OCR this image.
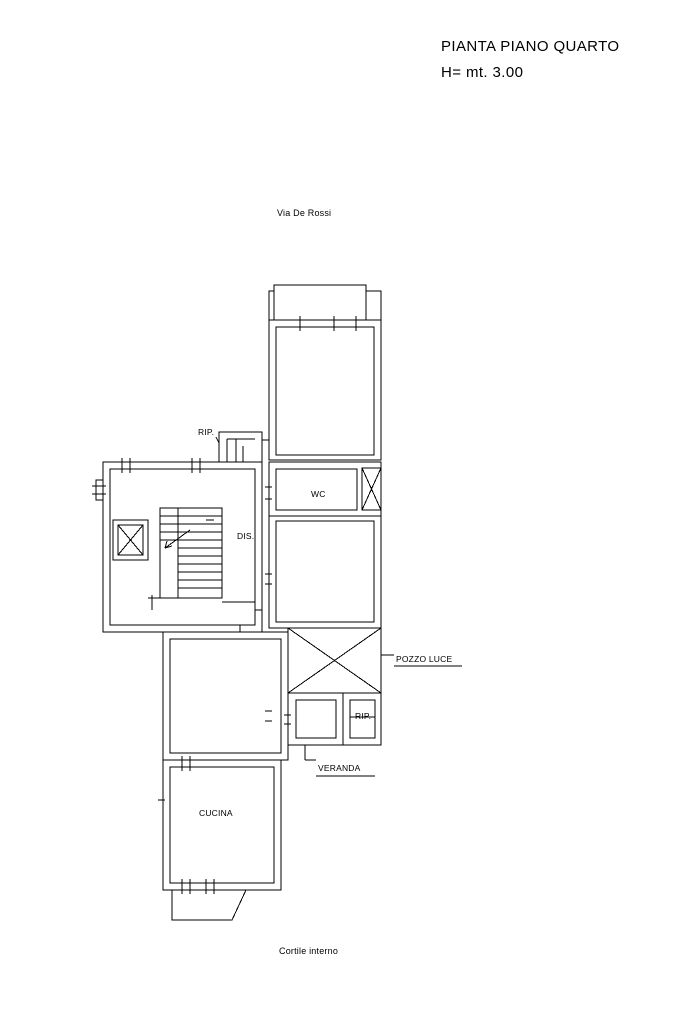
PIANTA PIANO QUARTO
H= mt. 3.00
Via De Rossi
Cortile interno
RIP.
DIS.
WC
POZZO LUCE
RIP.
VERANDA
CUCINA
